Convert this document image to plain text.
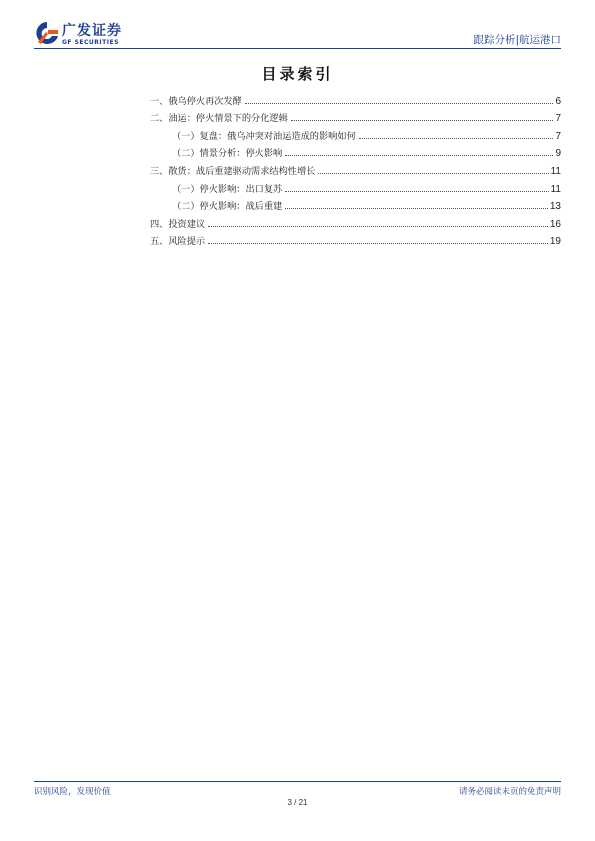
广发证券
GF SECURITIES	跟踪分析|航运港口
目录索引
一、俄乌停火再次发酵	6
二、油运：停火情景下的分化逻辑	7
（一）复盘：俄乌冲突对油运造成的影响如何	7
（二）情景分析：停火影响	9
三、散货：战后重建驱动需求结构性增长	11
（一）停火影响：出口复苏	11
（二）停火影响：战后重建	13
四、投资建议	16
五、风险提示	19
识别风险，发现价值	请务必阅读末页的免责声明
3 / 21
